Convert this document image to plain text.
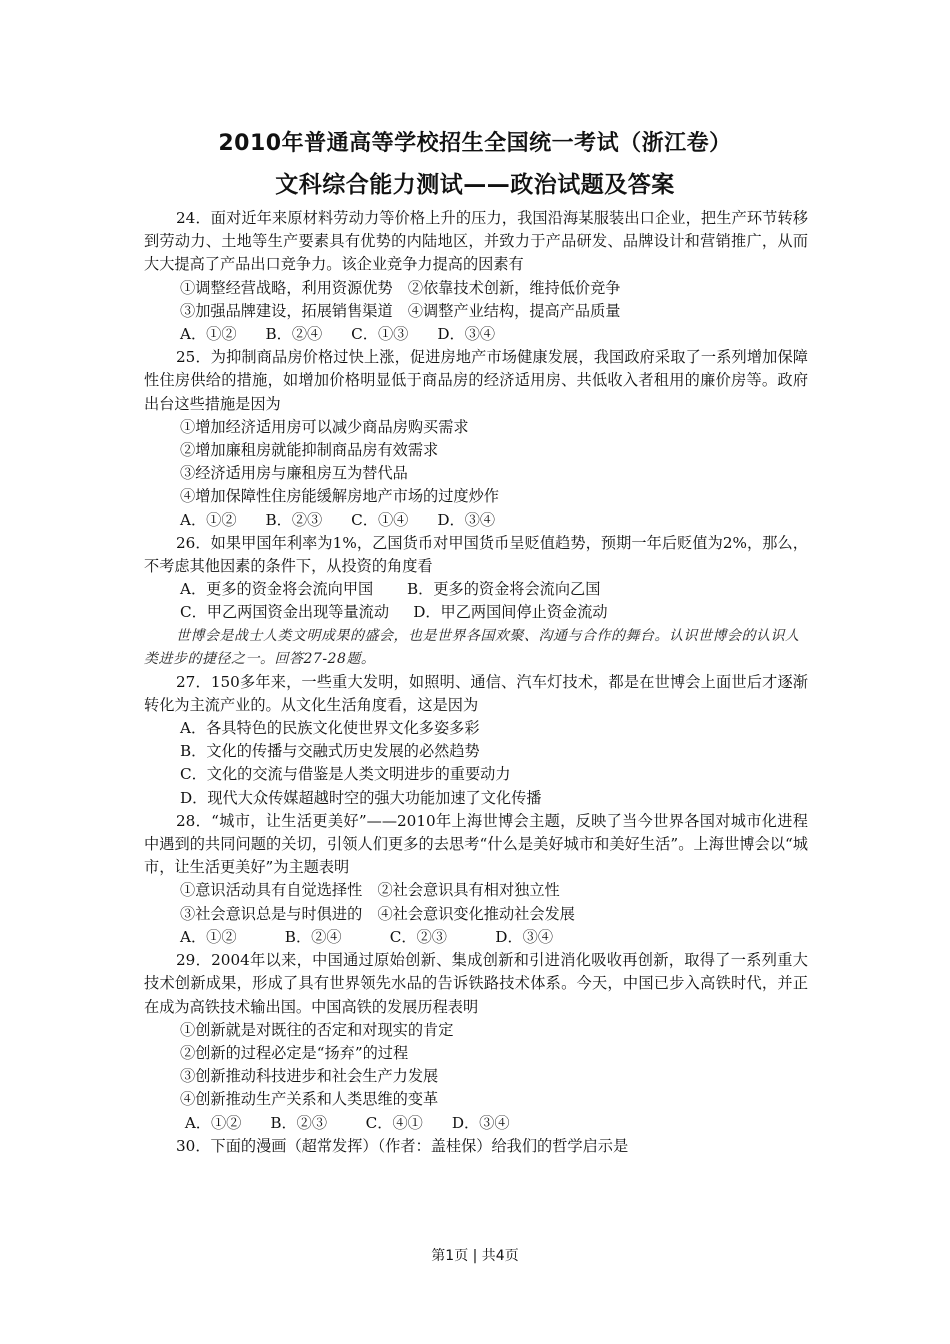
2010年普通高等学校招生全国统一考试（浙江卷）
文科综合能力测试——政治试题及答案

24．面对近年来原材料劳动力等价格上升的压力，我国沿海某服装出口企业，把生产环节转移到劳动力、土地等生产要素具有优势的内陆地区，并致力于产品研发、品牌设计和营销推广，从而大大提高了产品出口竞争力。该企业竞争力提高的因素有

①调整经营战略，利用资源优势　②依靠技术创新，维持低价竞争

③加强品牌建设，拓展销售渠道　④调整产业结构，提高产品质量

A．①②      B．②④      C．①③      D．③④

25．为抑制商品房价格过快上涨，促进房地产市场健康发展，我国政府采取了一系列增加保障性住房供给的措施，如增加价格明显低于商品房的经济适用房、共低收入者租用的廉价房等。政府出台这些措施是因为

①增加经济适用房可以减少商品房购买需求

②增加廉租房就能抑制商品房有效需求

③经济适用房与廉租房互为替代品

④增加保障性住房能缓解房地产市场的过度炒作

A．①②      B．②③      C．①④      D．③④

26．如果甲国年利率为1%，乙国货币对甲国货币呈贬值趋势，预期一年后贬值为2%，那么，不考虑其他因素的条件下，从投资的角度看

A．更多的资金将会流向甲国       B．更多的资金将会流向乙国

C．甲乙两国资金出现等量流动     D．甲乙两国间停止资金流动

世博会是战士人类文明成果的盛会，也是世界各国欢聚、沟通与合作的舞台。认识世博会的认识人类进步的捷径之一。回答27-28题。

27．150多年来，一些重大发明，如照明、通信、汽车灯技术，都是在世博会上面世后才逐渐转化为主流产业的。从文化生活角度看，这是因为

A．各具特色的民族文化使世界文化多姿多彩

B．文化的传播与交融式历史发展的必然趋势

C．文化的交流与借鉴是人类文明进步的重要动力

D．现代大众传媒超越时空的强大功能加速了文化传播

28．“城市，让生活更美好”——2010年上海世博会主题，反映了当今世界各国对城市化进程中遇到的共同问题的关切，引领人们更多的去思考“什么是美好城市和美好生活”。上海世博会以“城市，让生活更美好”为主题表明

①意识活动具有自觉选择性　②社会意识具有相对独立性

③社会意识总是与时俱进的　④社会意识变化推动社会发展

A．①②          B．②④          C．②③          D．③④

29．2004年以来，中国通过原始创新、集成创新和引进消化吸收再创新，取得了一系列重大技术创新成果，形成了具有世界领先水品的告诉铁路技术体系。今天，中国已步入高铁时代，并正在成为高铁技术输出国。中国高铁的发展历程表明

①创新就是对既往的否定和对现实的肯定

②创新的过程必定是“扬弃”的过程

③创新推动科技进步和社会生产力发展

④创新推动生产关系和人类思维的变革

A．①②      B．②③        C．④①      D．③④

30．下面的漫画（超常发挥）（作者：盖桂保）给我们的哲学启示是

第1页 | 共4页
